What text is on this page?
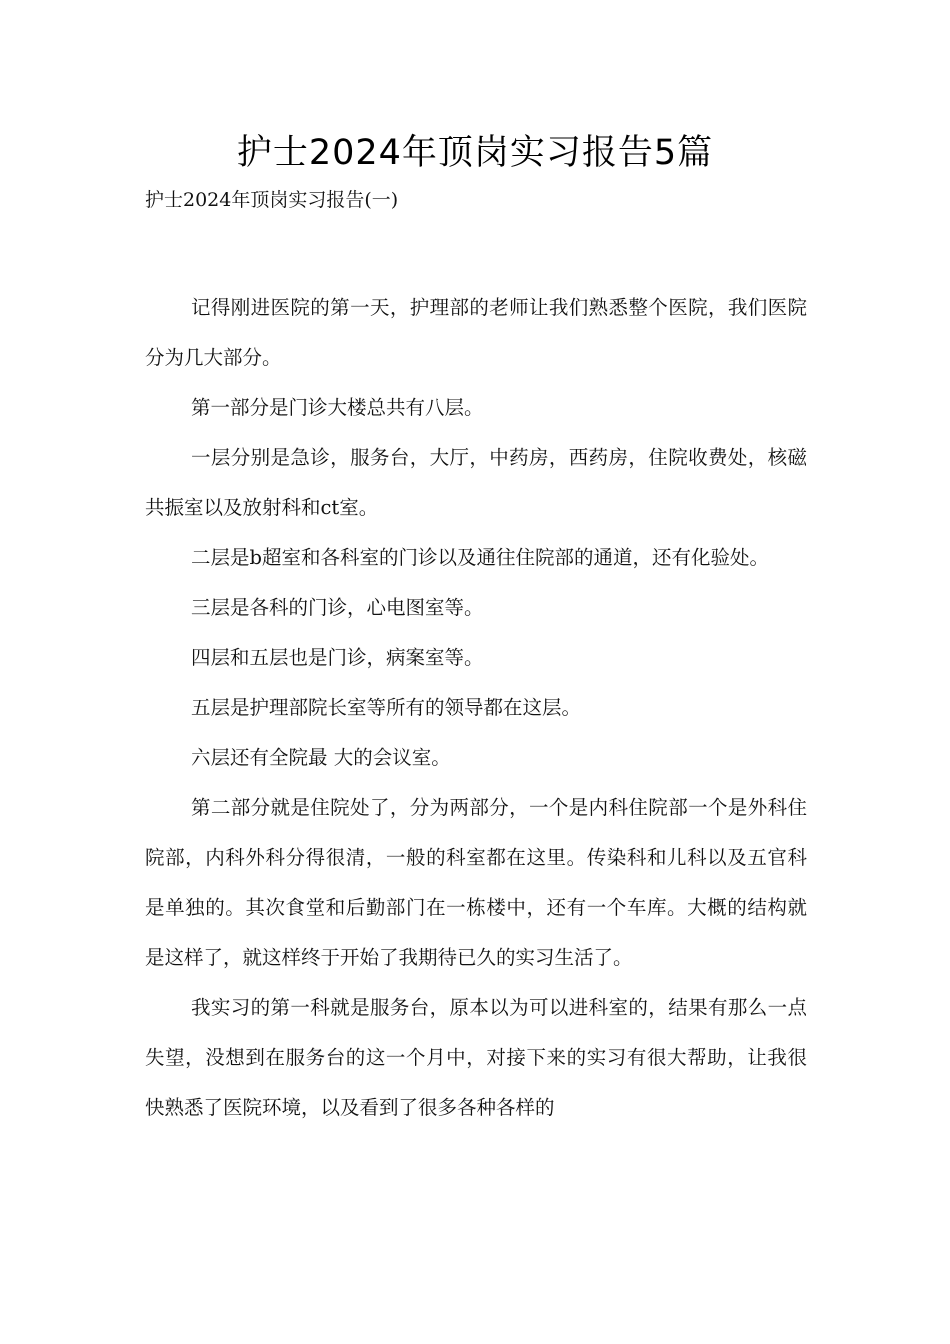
护士2024年顶岗实习报告5篇
护士2024年顶岗实习报告(一)

记得刚进医院的第一天，护理部的老师让我们熟悉整个医院，我们医院分为几大部分。

第一部分是门诊大楼总共有八层。

一层分别是急诊，服务台，大厅，中药房，西药房，住院收费处，核磁共振室以及放射科和ct室。

二层是b超室和各科室的门诊以及通往住院部的通道，还有化验处。

三层是各科的门诊，心电图室等。

四层和五层也是门诊，病案室等。

五层是护理部院长室等所有的领导都在这层。

六层还有全院最 大的会议室。

第二部分就是住院处了，分为两部分，一个是内科住院部一个是外科住院部，内科外科分得很清，一般的科室都在这里。传染科和儿科以及五官科是单独的。其次食堂和后勤部门在一栋楼中，还有一个车库。大概的结构就是这样了，就这样终于开始了我期待已久的实习生活了。

我实习的第一科就是服务台，原本以为可以进科室的，结果有那么一点失望，没想到在服务台的这一个月中，对接下来的实习有很大帮助，让我很快熟悉了医院环境，以及看到了很多各种各样的
